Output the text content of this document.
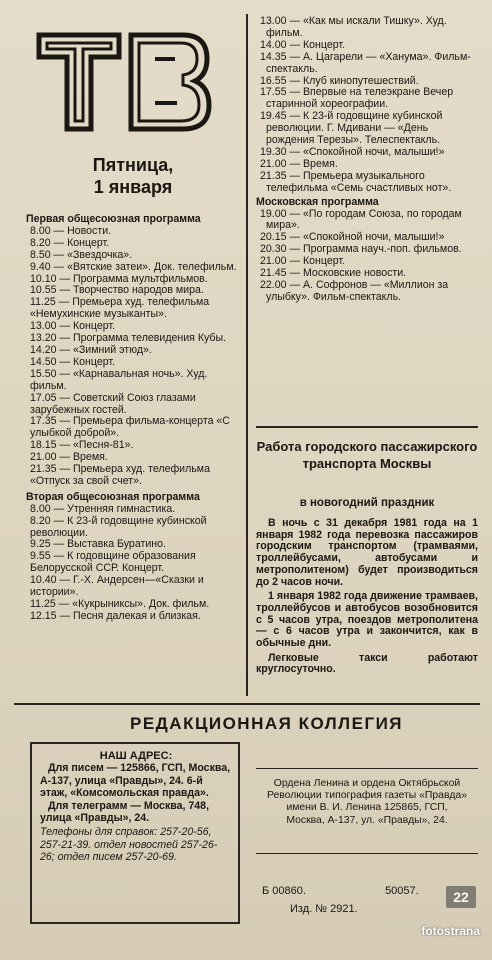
Пятница,
1 января
Первая общесоюзная программа
8.00 — Новости.
8.20 — Концерт.
8.50 — «Звездочка».
9.40 — «Вятские затеи». Док. телефильм.
10.10 — Программа мультфильмов.
10.55 — Творчество народов мира.
11.25 — Премьера худ. телефильма «Немухинские музыканты».
13.00 — Концерт.
13.20 — Программа телевидения Кубы.
14.20 — «Зимний этюд».
14.50 — Концерт.
15.50 — «Карнавальная ночь». Худ. фильм.
17.05 — Советский Союз глазами зарубежных гостей.
17.35 — Премьера фильма-концерта «С улыбкой доброй».
18.15 — «Песня-81».
21.00 — Время.
21.35 — Премьера худ. телефильма «Отпуск за свой счет».
Вторая общесоюзная программа
8.00 — Утренняя гимнастика.
8.20 — К 23-й годовщине кубинской революции.
9.25 — Выставка Буратино.
9.55 — К годовщине образования Белорусской ССР. Концерт.
10.40 — Г.-Х. Андерсен—«Сказки и истории».
11.25 — «Кукрыниксы». Док. фильм.
12.15 — Песня далекая и близкая.
13.00 — «Как мы искали Тишку». Худ. фильм.
14.00 — Концерт.
14.35 — А. Цагарели — «Ханума». Фильм-спектакль.
16.55 — Клуб кинопутешествий.
17.55 — Впервые на телеэкране Вечер старинной хореографии.
19.45 — К 23-й годовщине кубинской революции. Г. Мдивани — «День рождения Терезы». Телеспектакль.
19.30 — «Спокойной ночи, малыши!»
21.00 — Время.
21.35 — Премьера музыкального телефильма «Семь счастливых нот».
Московская программа
19.00 — «По городам Союза, по городам мира».
20.15 — «Спокойной ночи, малыши!»
20.30 — Программа науч.-поп. фильмов.
21.00 — Концерт.
21.45 — Московские новости.
22.00 — А. Софронов — «Миллион за улыбку». Фильм-спектакль.
Работа городского пассажирского транспорта Москвы
в новогодний праздник

В ночь с 31 декабря 1981 года на 1 января 1982 года перевозка пассажиров городским транспортом (трамваями, троллейбусами, автобусами и метрополитеном) будет производиться до 2 часов ночи.

1 января 1982 года движение трамваев, троллейбусов и автобусов возобновится с 5 часов утра, поездов метрополитена — с 6 часов утра и закончится, как в обычные дни.

Легковые такси работают круглосуточно.

РЕДАКЦИОННАЯ КОЛЛЕГИЯ
НАШ АДРЕС:
Для писем — 125866, ГСП, Москва, А-137, улица «Правды», 24. 6-й этаж, «Комсомольская правда».
Для телеграмм — Москва, 748, улица «Правды», 24.
Телефоны для справок: 257-20-56, 257-21-39. отдел новостей 257-26-26; отдел писем 257-20-69.
Ордена Ленина и ордена Октябрьской Революции типография газеты «Правда» имени В. И. Ленина 125865, ГСП, Москва, А-137, ул. «Правды», 24.
Б 00860.	50057.
Изд. № 2921.
22
fotostrana
